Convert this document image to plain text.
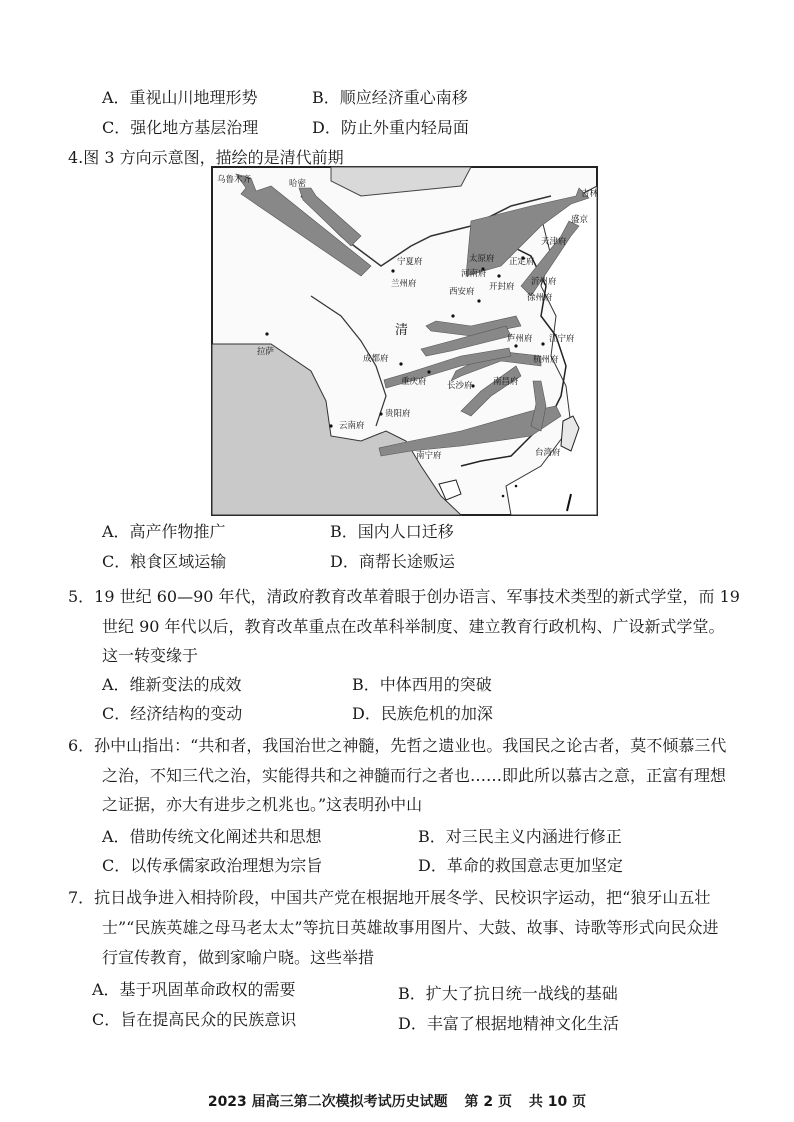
A．重视山川地理形势	B．顺应经济重心南移
C．强化地方基层治理	D．防止外重内轻局面
4.图 3 方向示意图，描绘的是清代前期
乌鲁木齐	哈密
吉林
盛京
宁夏府	太原府 正定府
天津府
兰州府
河南府
西安府 开封府 沂州府
徐州府
清
庐州府 江宁府
杭州府
成都府
拉萨
重庆府 长沙府 南昌府
贵阳府
云南府
南宁府	台湾府
A．高产作物推广	B．国内人口迁移
C．粮食区域运输	D．商帮长途贩运
5．19 世纪 60—90 年代，清政府教育改革着眼于创办语言、军事技术类型的新式学堂，而 19
世纪 90 年代以后，教育改革重点在改革科举制度、建立教育行政机构、广设新式学堂。
这一转变缘于
A．维新变法的成效	B．中体西用的突破
C．经济结构的变动	D．民族危机的加深
6．孙中山指出：“共和者，我国治世之神髓，先哲之遗业也。我国民之论古者，莫不倾慕三代
之治，不知三代之治，实能得共和之神髓而行之者也……即此所以慕古之意，正富有理想
之证据，亦大有进步之机兆也。”这表明孙中山
A．借助传统文化阐述共和思想	B．对三民主义内涵进行修正
C．以传承儒家政治理想为宗旨	D．革命的救国意志更加坚定
7．抗日战争进入相持阶段，中国共产党在根据地开展冬学、民校识字运动，把“狼牙山五壮
士”“民族英雄之母马老太太”等抗日英雄故事用图片、大鼓、故事、诗歌等形式向民众进
行宣传教育，做到家喻户晓。这些举措
A．基于巩固革命政权的需要	B．扩大了抗日统一战线的基础
C．旨在提高民众的民族意识	D．丰富了根据地精神文化生活
2023 届高三第二次模拟考试历史试题 第 2 页 共 10 页
